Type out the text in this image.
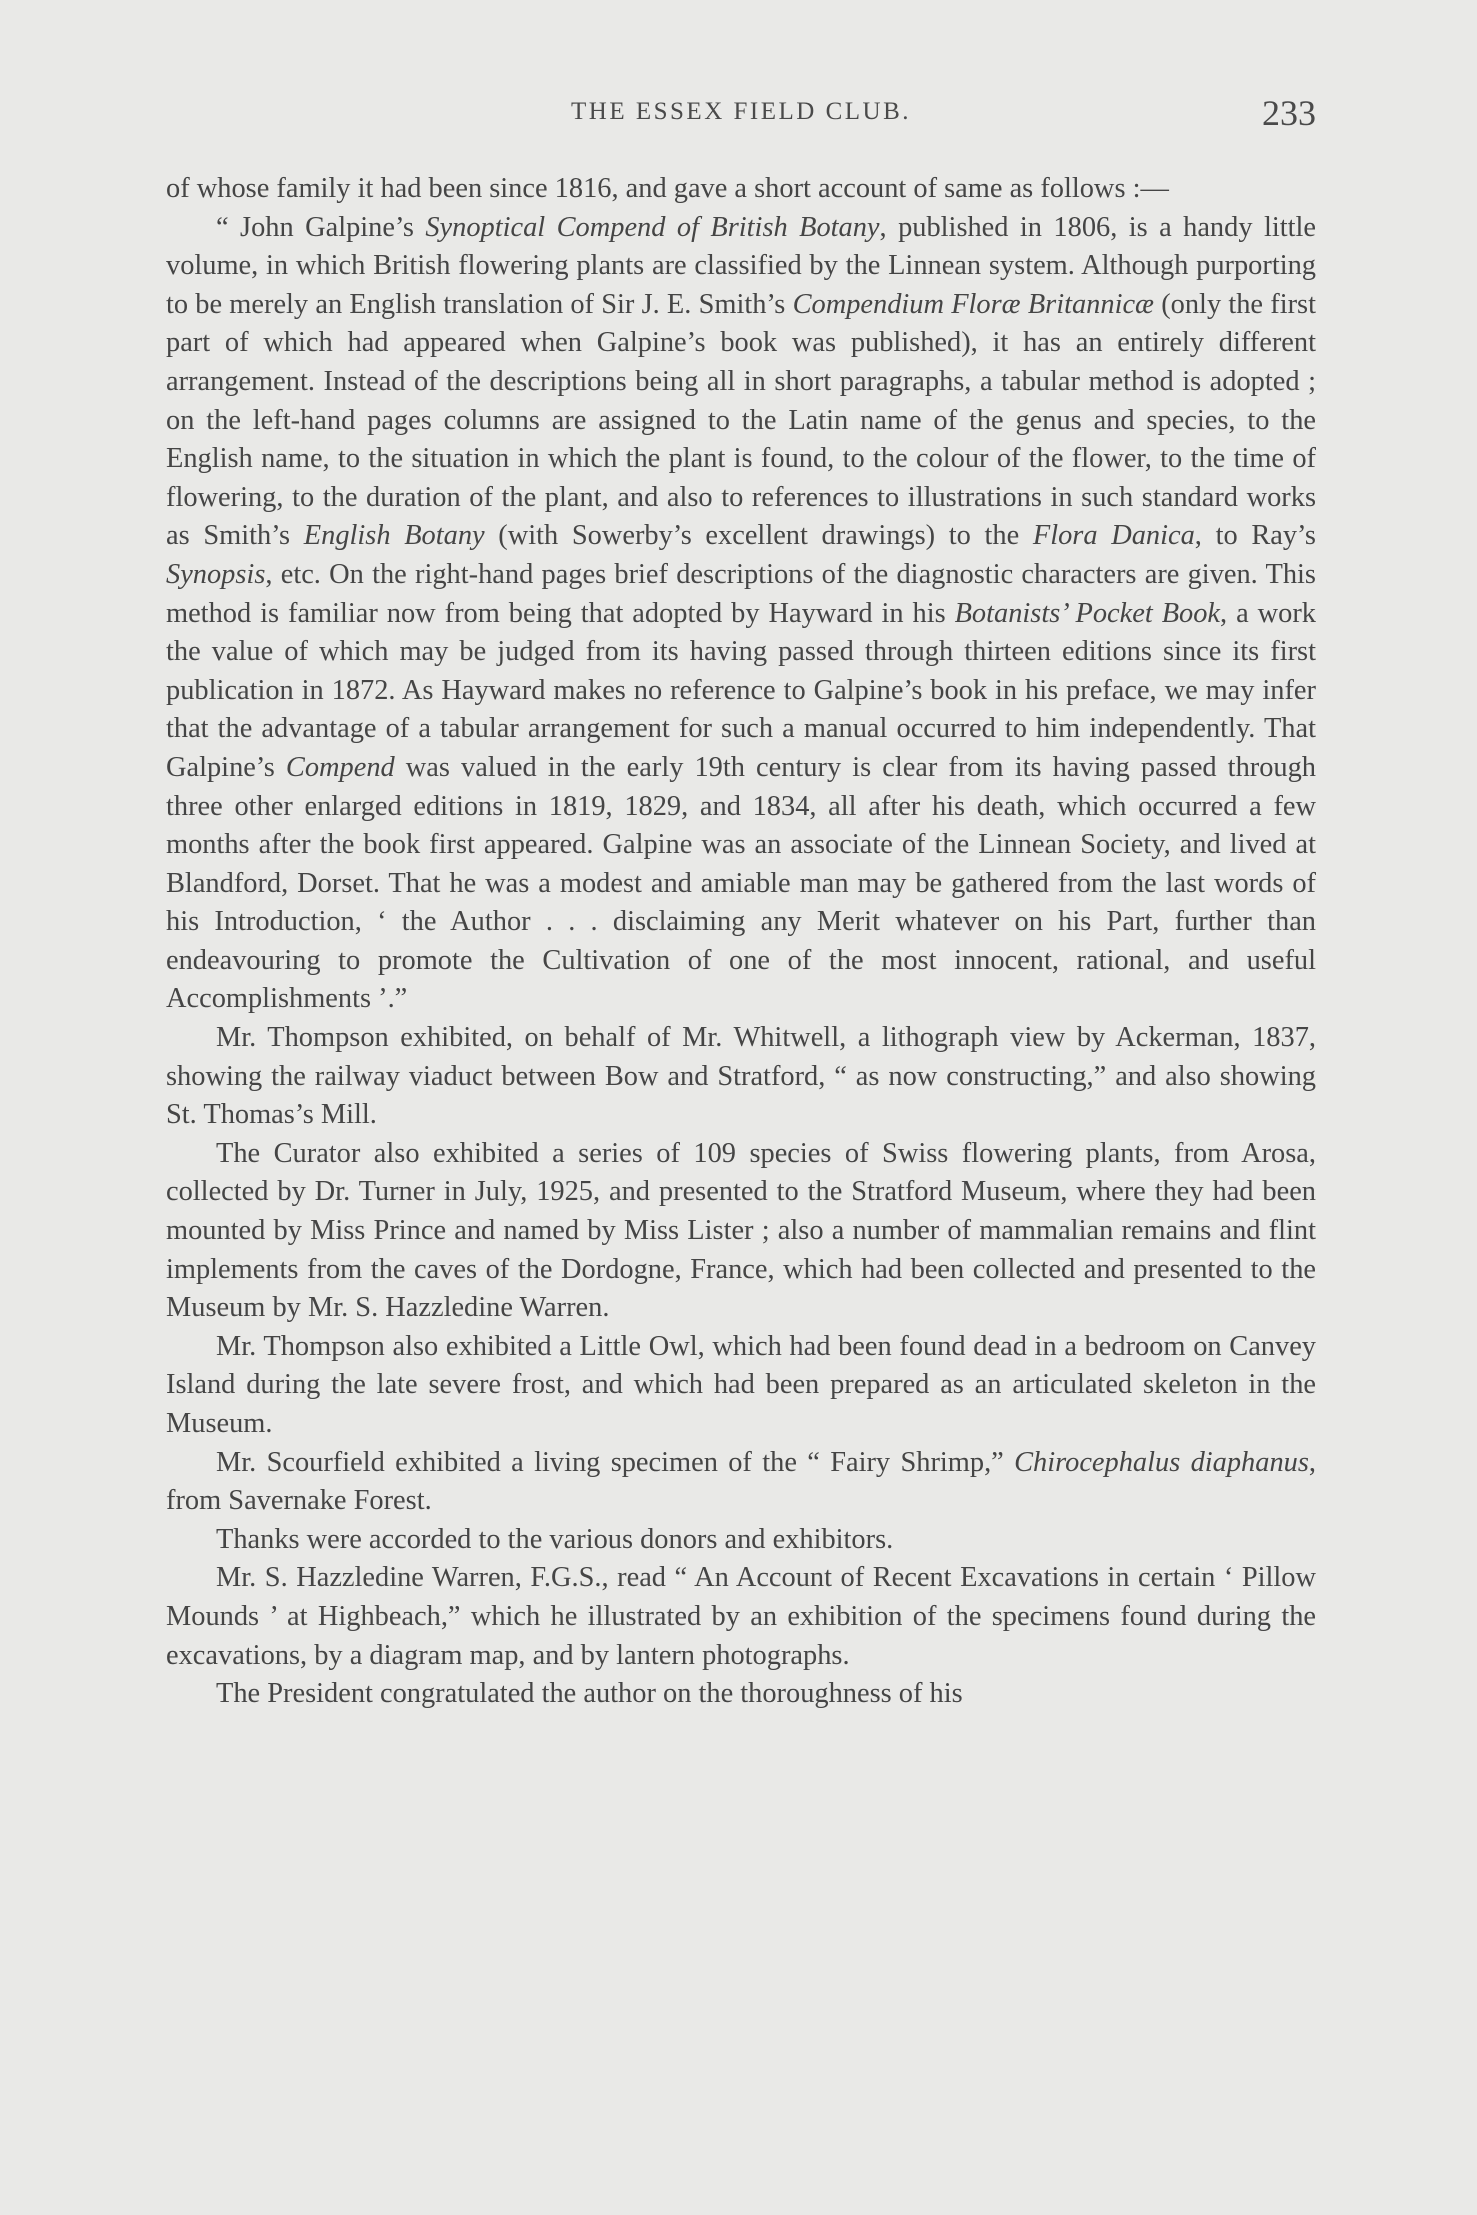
THE ESSEX FIELD CLUB.	233

of whose family it had been since 1816, and gave a short account of same as follows :—

“ John Galpine’s Synoptical Compend of British Botany, published in 1806, is a handy little volume, in which British flowering plants are classified by the Linnean system. Although purporting to be merely an English translation of Sir J. E. Smith’s Compendium Floræ Britannicæ (only the first part of which had appeared when Galpine’s book was published), it has an entirely different arrangement. Instead of the descriptions being all in short paragraphs, a tabular method is adopted ; on the left-hand pages columns are assigned to the Latin name of the genus and species, to the English name, to the situation in which the plant is found, to the colour of the flower, to the time of flowering, to the duration of the plant, and also to references to illustrations in such standard works as Smith’s English Botany (with Sowerby’s excellent drawings) to the Flora Danica, to Ray’s Synopsis, etc. On the right-hand pages brief descriptions of the diagnostic characters are given. This method is familiar now from being that adopted by Hayward in his Botanists’ Pocket Book, a work the value of which may be judged from its having passed through thirteen editions since its first publication in 1872. As Hayward makes no reference to Galpine’s book in his preface, we may infer that the advantage of a tabular arrangement for such a manual occurred to him independently. That Galpine’s Compend was valued in the early 19th century is clear from its having passed through three other enlarged editions in 1819, 1829, and 1834, all after his death, which occurred a few months after the book first appeared. Galpine was an associate of the Linnean Society, and lived at Blandford, Dorset. That he was a modest and amiable man may be gathered from the last words of his Introduction, ‘ the Author . . . disclaiming any Merit whatever on his Part, further than endeavouring to promote the Cultivation of one of the most innocent, rational, and useful Accomplishments ’.”

Mr. Thompson exhibited, on behalf of Mr. Whitwell, a lithograph view by Ackerman, 1837, showing the railway viaduct between Bow and Stratford, “ as now constructing,” and also showing St. Thomas’s Mill.

The Curator also exhibited a series of 109 species of Swiss flowering plants, from Arosa, collected by Dr. Turner in July, 1925, and presented to the Stratford Museum, where they had been mounted by Miss Prince and named by Miss Lister ; also a number of mammalian remains and flint implements from the caves of the Dordogne, France, which had been collected and presented to the Museum by Mr. S. Hazzledine Warren.

Mr. Thompson also exhibited a Little Owl, which had been found dead in a bedroom on Canvey Island during the late severe frost, and which had been prepared as an articulated skeleton in the Museum.

Mr. Scourfield exhibited a living specimen of the “ Fairy Shrimp,” Chirocephalus diaphanus, from Savernake Forest.

Thanks were accorded to the various donors and exhibitors.

Mr. S. Hazzledine Warren, F.G.S., read “ An Account of Recent Excavations in certain ‘ Pillow Mounds ’ at Highbeach,” which he illustrated by an exhibition of the specimens found during the excavations, by a diagram map, and by lantern photographs.

The President congratulated the author on the thoroughness of his
